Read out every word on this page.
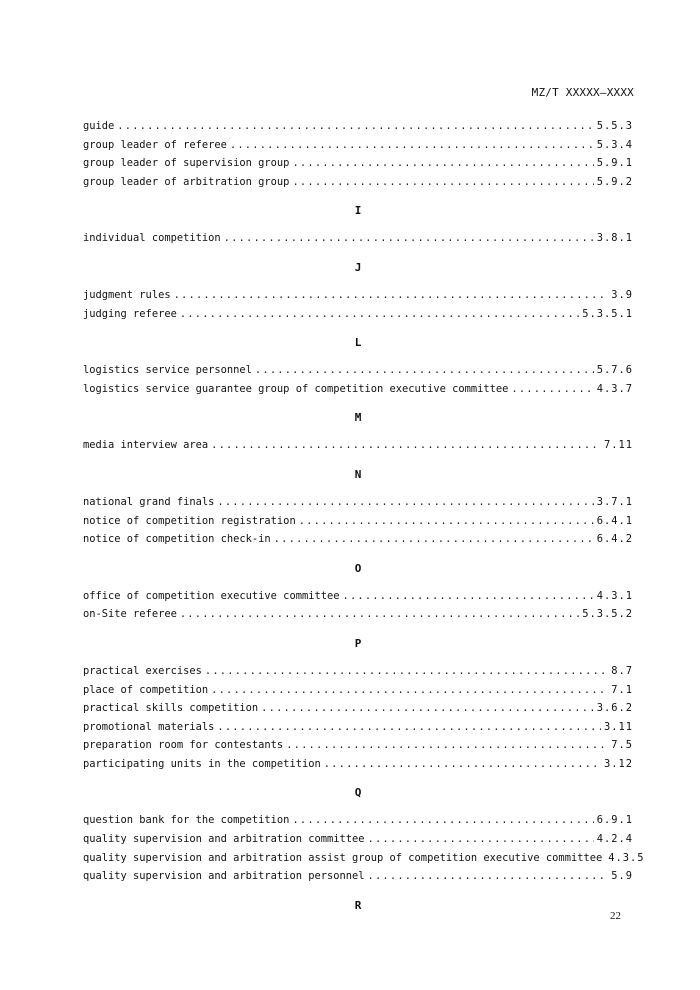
MZ/T XXXXX—XXXX
guide .....	5.5.3
group leader of referee .....	5.3.4
group leader of supervision group .....	5.9.1
group leader of arbitration group .....	5.9.2
I
individual competition .....	3.8.1
J
judgment rules .....	3.9
judging referee .....	5.3.5.1
L
logistics service personnel .....	5.7.6
logistics service guarantee group of competition executive committee .....	4.3.7
M
media interview area .....	7.11
N
national grand finals .....	3.7.1
notice of competition registration .....	6.4.1
notice of competition check-in .....	6.4.2
O
office of competition executive committee .....	4.3.1
on-Site referee .....	5.3.5.2
P
practical exercises .....	8.7
place of competition .....	7.1
practical skills competition .....	3.6.2
promotional materials .....	3.11
preparation room for contestants .....	7.5
participating units in the competition .....	3.12
Q
question bank for the competition .....	6.9.1
quality supervision and arbitration committee .....	4.2.4
quality supervision and arbitration assist group of competition executive committee 4.3.5
quality supervision and arbitration personnel .....	5.9
R
22
